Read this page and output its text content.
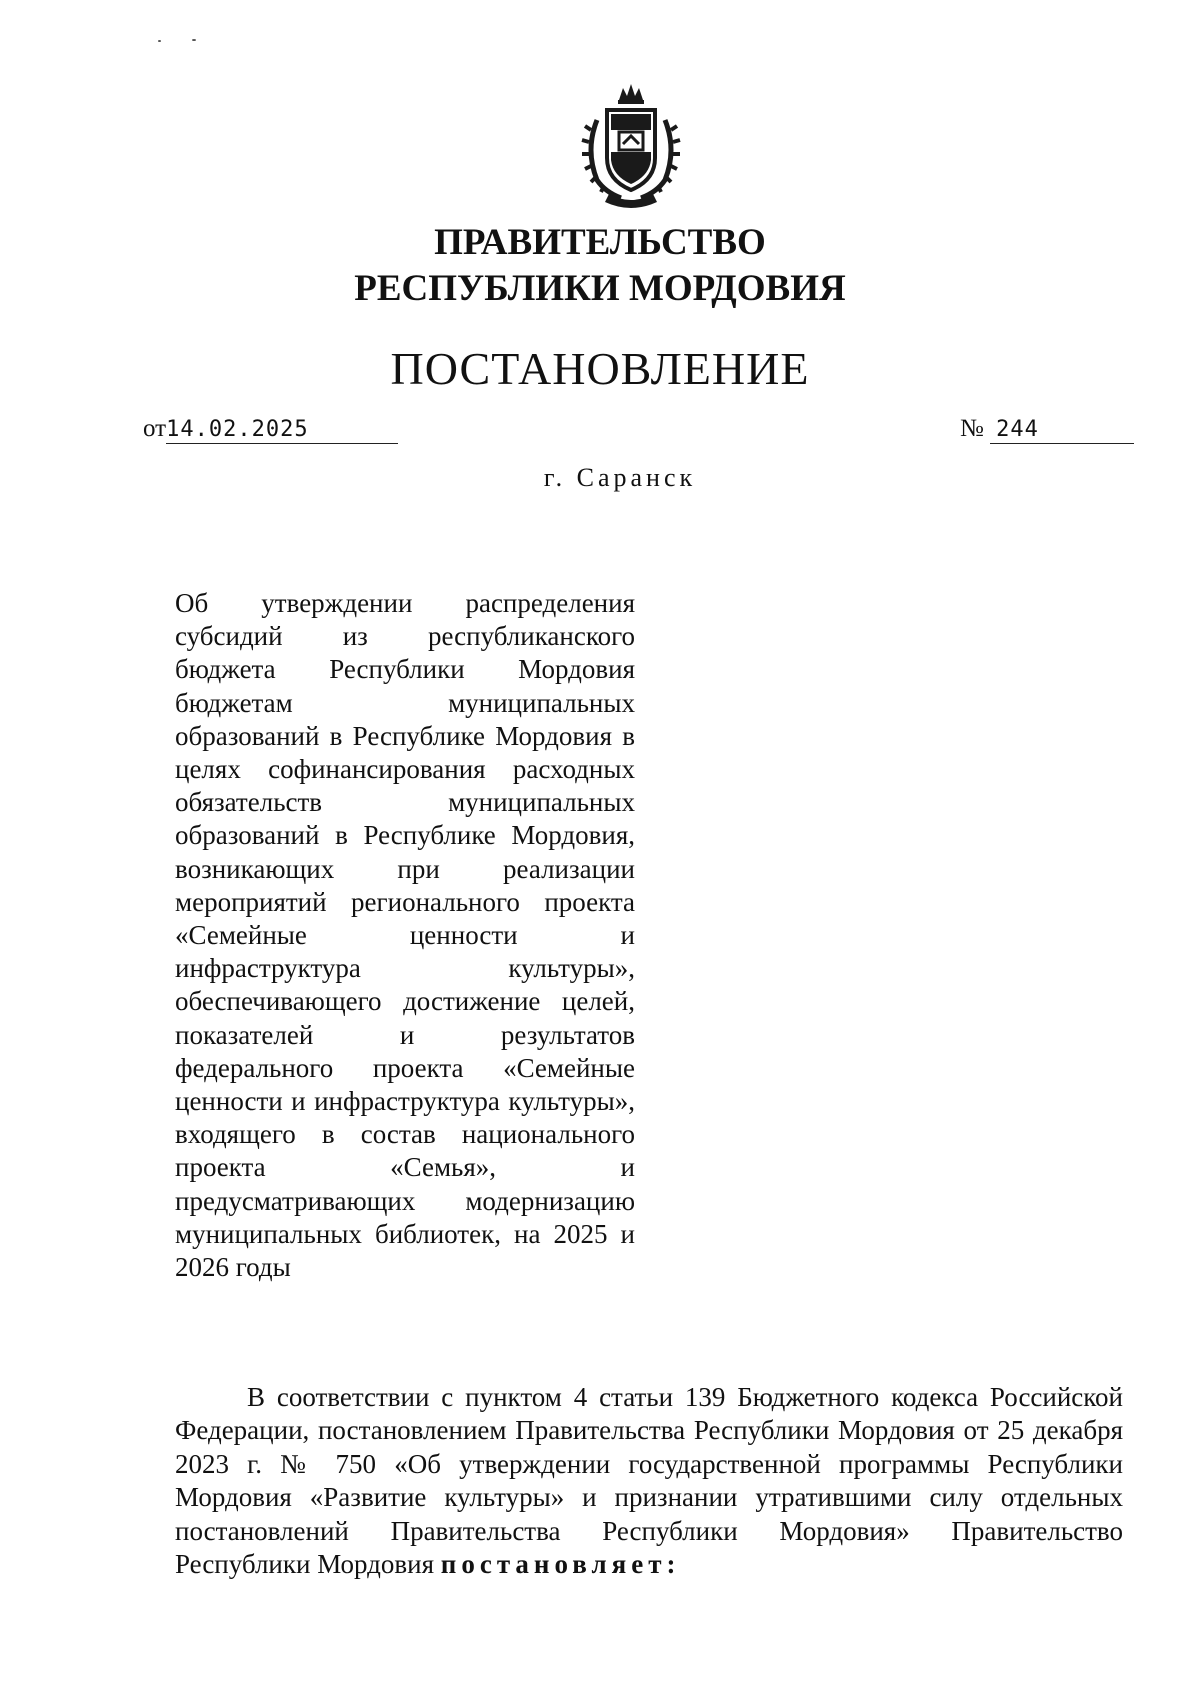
ПРАВИТЕЛЬСТВО
РЕСПУБЛИКИ МОРДОВИЯ
ПОСТАНОВЛЕНИЕ
от14.02.2025	№ 244
г. Саранск
Об утверждении распределения субсидий из республиканского бюджета Республики Мордовия бюджетам муниципальных образований в Республике Мордовия в целях софинансирования расходных обязательств муниципальных образований в Республике Мордовия, возникающих при реализации мероприятий регионального проекта «Семейные ценности и инфраструктура культуры», обеспечивающего достижение целей, показателей и результатов федерального проекта «Семейные ценности и инфраструктура культуры», входящего в состав национального проекта «Семья», и предусматривающих модернизацию муниципальных библиотек, на 2025 и 2026 годы
В соответствии с пунктом 4 статьи 139 Бюджетного кодекса Российской Федерации, постановлением Правительства Республики Мордовия от 25 декабря 2023 г. № 750 «Об утверждении государственной программы Республики Мордовия «Развитие культуры» и признании утратившими силу отдельных постановлений Правительства Республики Мордовия» Правительство Республики Мордовия постановляет:
